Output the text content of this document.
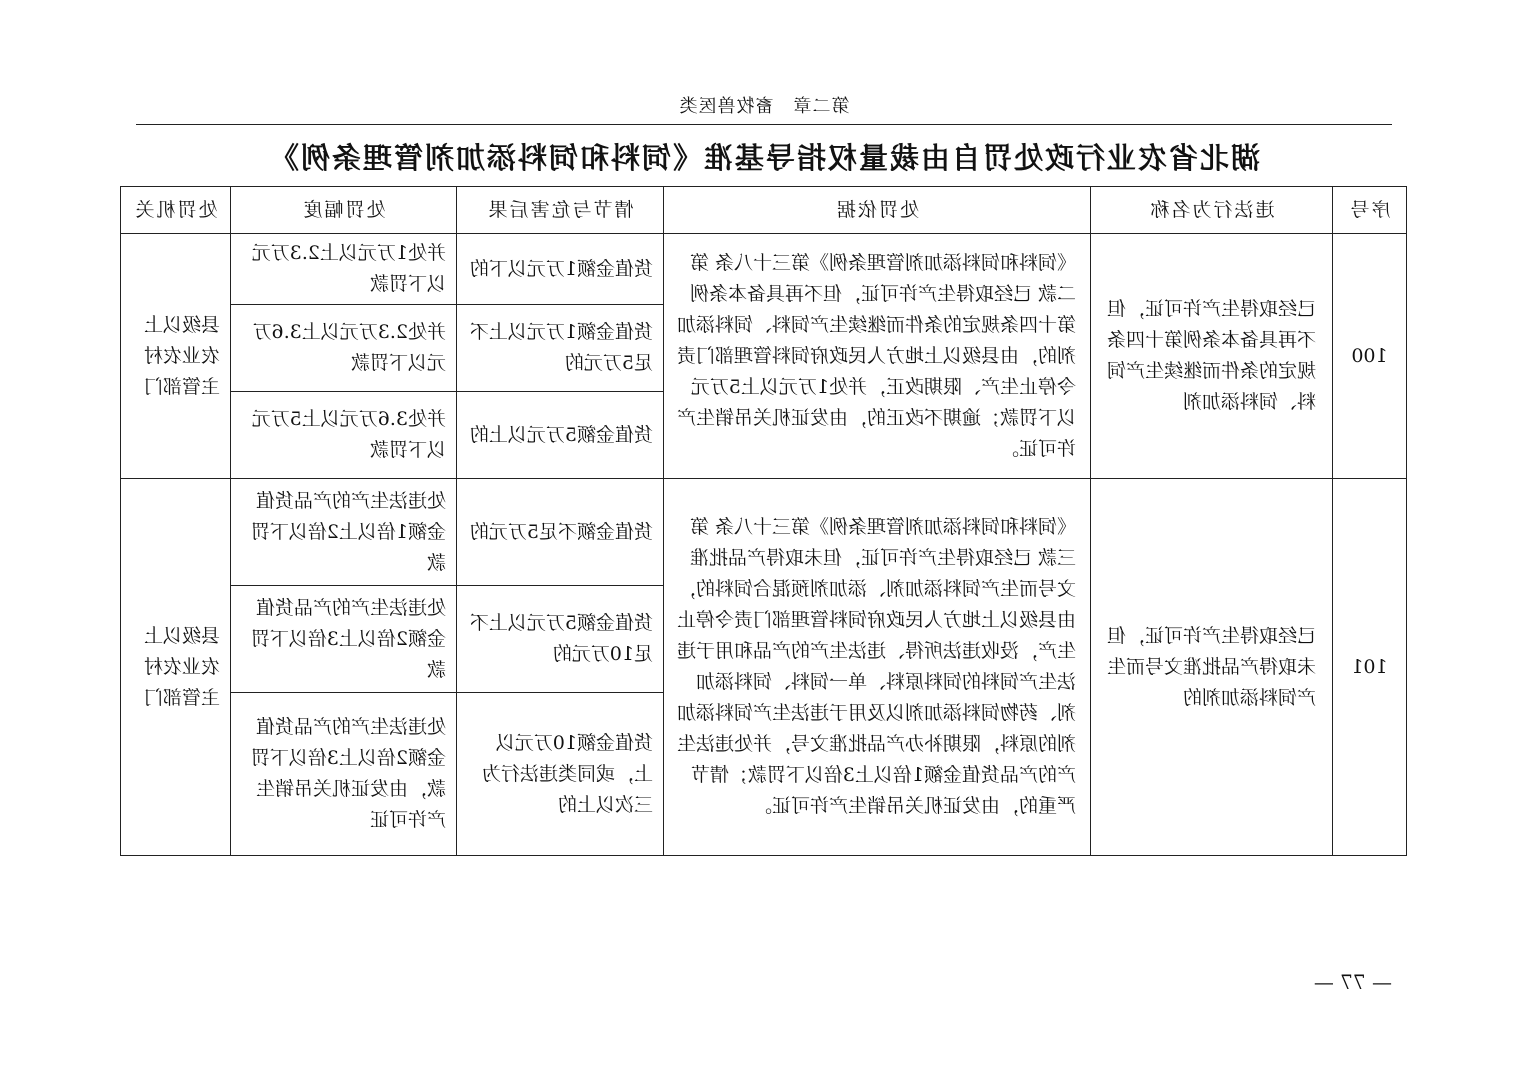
第二章　畜牧兽医类
湖北省农业行政处罚自由裁量权指导基准《饲料和饲料添加剂管理条例》
序号	违法行为名称	处罚依据	情节与危害后果	处罚幅度	处罚机关
100	已经取得生产许可证，但不再具备本条例第十四条规定的条件而继续生产饲料、饲料添加剂	《饲料和饲料添加剂管理条例》第三十八条 第二款 已经取得生产许可证，但不再具备本条例第十四条规定的条件而继续生产饲料、饲料添加剂的，由县级以上地方人民政府饲料管理部门责令停止生产、限期改正，并处1万元以上5万元以下罚款；逾期不改正的，由发证机关吊销生产许可证。	货值金额1万元以下的	并处1万元以上2.3万元以下罚款	县级以上农业农村主管部门
			货值金额1万元以上不足5万元的	并处2.3万元以上3.6万元以下罚款	
			货值金额5万元以上的	并处3.6万元以上5万元以下罚款	
101	已经取得生产许可证，但未取得产品批准文号而生产饲料添加剂的	《饲料和饲料添加剂管理条例》第三十八条 第三款 已经取得生产许可证，但未取得产品批准文号而生产饲料添加剂、添加剂预混合饲料的，由县级以上地方人民政府饲料管理部门责令停止生产，没收违法所得、违法生产的产品和用于违法生产饲料的饲料原料、单一饲料、饲料添加剂、药物饲料添加剂以及用于违法生产饲料添加剂的原料，限期补办产品批准文号，并处违法生产的产品货值金额1倍以上3倍以下罚款；情节严重的，由发证机关吊销生产许可证。	货值金额不足5万元的	处违法生产的产品货值金额1倍以上2倍以下罚款	县级以上农业农村主管部门
			货值金额5万元以上不足10万元的	处违法生产的产品货值金额2倍以上3倍以下罚款	
			货值金额10万元以上，或同类违法行为三次以上的	处违法生产的产品货值金额2倍以上3倍以下罚款，由发证机关吊销生产许可证	
— 77 —
